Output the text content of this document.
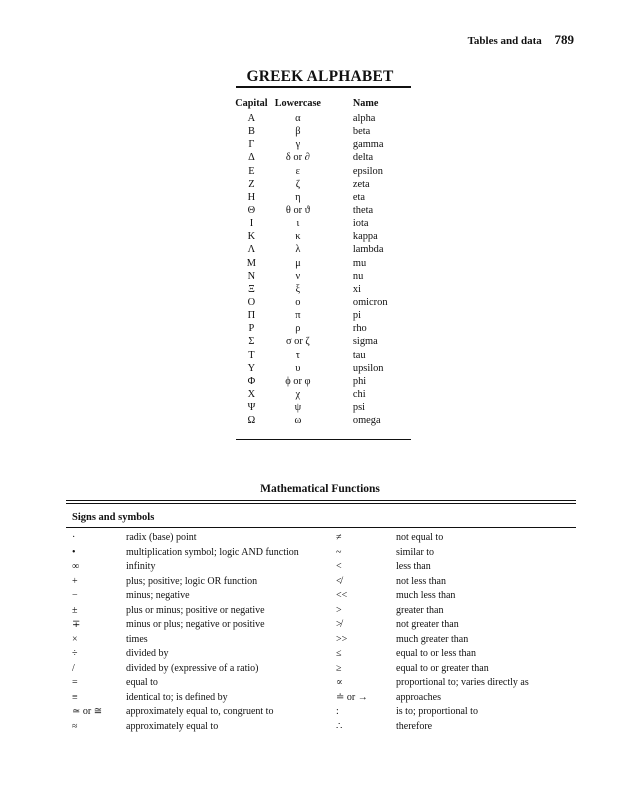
Tables and data 789
GREEK ALPHABET
Capital Lowercase	Name
Α	α	alpha
Β	β	beta
Γ	γ	gamma
Δ	δ or ∂	delta
Ε	ε	epsilon
Ζ	ζ	zeta
Η	η	eta
Θ	θ or ϑ	theta
Ι	ι	iota
Κ	κ	kappa
Λ	λ	lambda
Μ	μ	mu
Ν	ν	nu
Ξ	ξ	xi
Ο	ο	omicron
Π	π	pi
Ρ	ρ	rho
Σ	σ or ζ	sigma
Τ	τ	tau
Υ	υ	upsilon
Φ	ϕ or φ	phi
Χ	χ	chi
Ψ	ψ	psi
Ω	ω	omega
Mathematical Functions
Signs and symbols
·	radix (base) point	≠	not equal to
•	multiplication symbol; logic AND function	~	similar to
∞	infinity	<	less than
+	plus; positive; logic OR function	≮	not less than
−	minus; negative	<<	much less than
±	plus or minus; positive or negative	>	greater than
∓	minus or plus; negative or positive	≯	not greater than
×	times	>>	much greater than
÷	divided by	≤	equal to or less than
/	divided by (expressive of a ratio)	≥	equal to or greater than
=	equal to	∝	proportional to; varies directly as
≡	identical to; is defined by	≐ or →	approaches
≃ or ≅	approximately equal to, congruent to	:	is to; proportional to
≈	approximately equal to	∴	therefore
